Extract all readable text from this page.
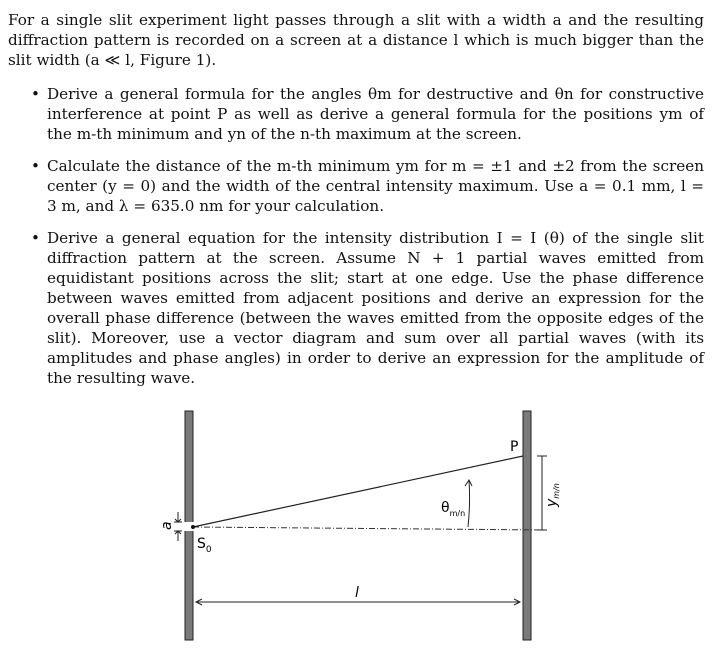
For a single slit experiment light passes through a slit with a width a and the resulting diffraction pattern is recorded on a screen at a distance l which is much bigger than the slit width (a ≪ l, Figure 1).

• Derive a general formula for the angles θm for destructive and θn for constructive interference at point P as well as derive a general formula for the positions ym of the m-th minimum and yn of the n-th maximum at the screen.
• Calculate the distance of the m-th minimum ym for m = ±1 and ±2 from the screen center (y = 0) and the width of the central intensity maximum. Use a = 0.1 mm, l = 3 m, and λ = 635.0 nm for your calculation.
• Derive a general equation for the intensity distribution I = I (θ) of the single slit diffraction pattern at the screen. Assume N + 1 partial waves emitted from equidistant positions across the slit; start at one edge. Use the phase difference between waves emitted from adjacent positions and derive an expression for the overall phase difference (between the waves emitted from the opposite edges of the slit). Moreover, use a vector diagram and sum over all partial waves (with its amplitudes and phase angles) in order to derive an expression for the amplitude of the resulting wave.
P
$S_0$
$\theta_{m/n}$
$y_{m/n}$
a
l
